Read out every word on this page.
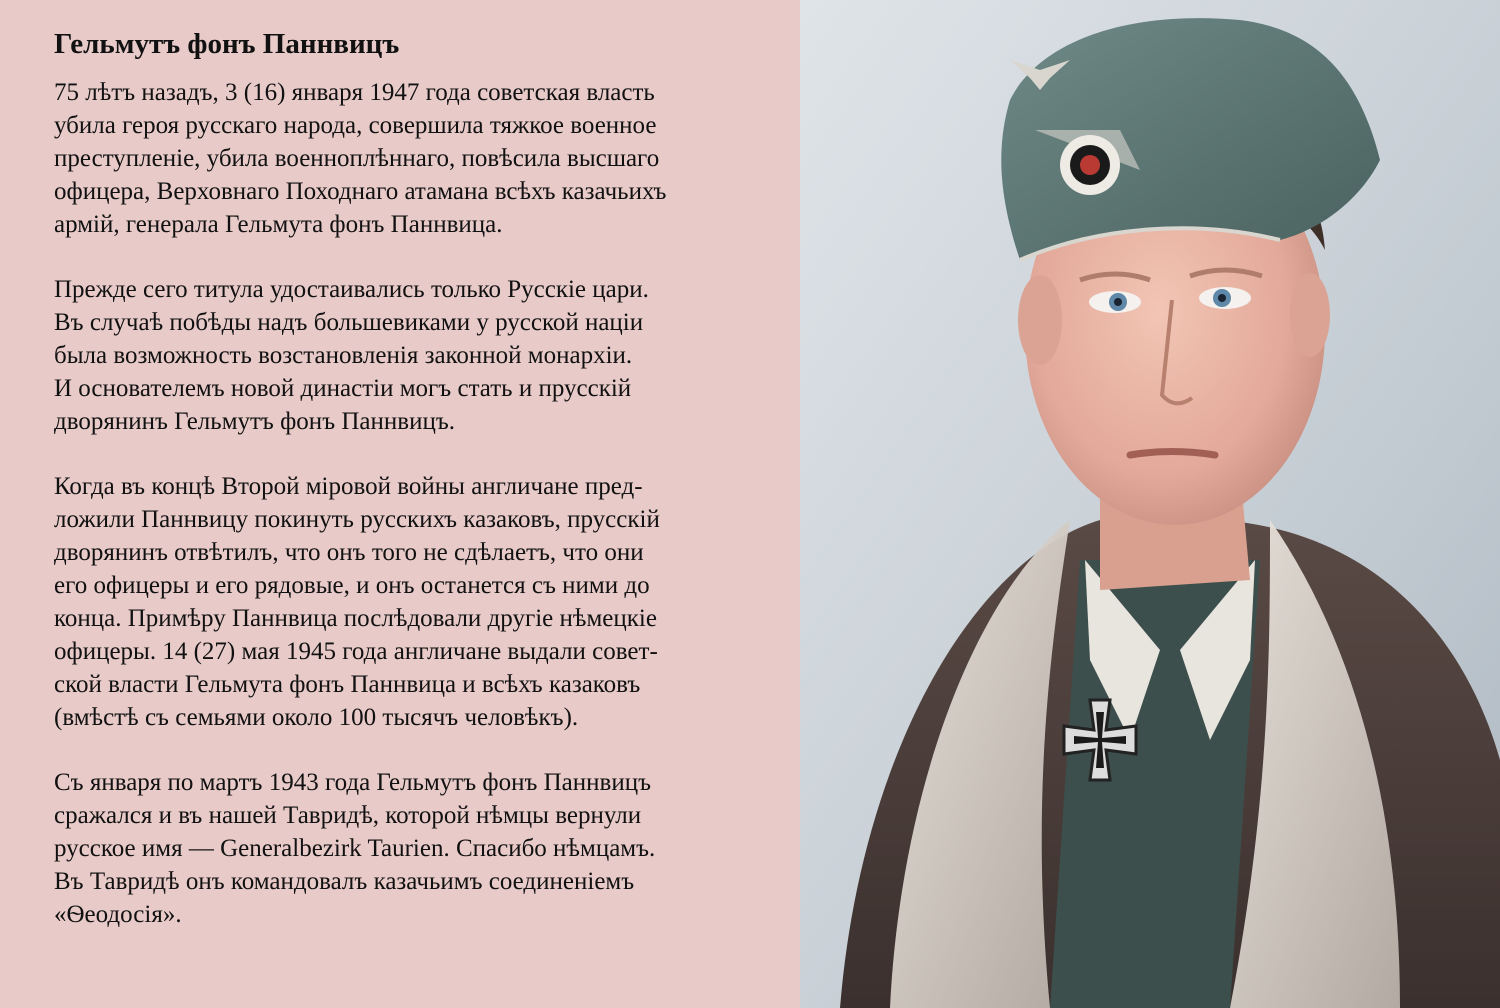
Гельмутъ фонъ Паннвицъ
75 лѣтъ назадъ, 3 (16) января 1947 года советская власть
убила героя русскаго народа, совершила тяжкое военное
преступленіе, убила военноплѣннаго, повѣсила высшаго
офицера, Верховнаго Походнаго атамана всѣхъ казачьихъ
армій, генерала Гельмута фонъ Паннвица.
Прежде сего титула удостаивались только Русскіе цари.
Въ случаѣ побѣды надъ большевиками у русской націи
была возможность возстановленія законной монархіи.
И основателемъ новой династіи могъ стать и прусскій
дворянинъ Гельмутъ фонъ Паннвицъ.
Когда въ концѣ Второй міровой войны англичане пред-
ложили Паннвицу покинуть русскихъ казаковъ, прусскій
дворянинъ отвѣтилъ, что онъ того не сдѣлаетъ, что они
его офицеры и его рядовые, и онъ останется съ ними до
конца. Примѣру Паннвица послѣдовали другіе нѣмецкіе
офицеры. 14 (27) мая 1945 года англичане выдали совет-
ской власти Гельмута фонъ Паннвица и всѣхъ казаковъ
(вмѣстѣ съ семьями около 100 тысячъ человѣкъ).
Съ января по мартъ 1943 года Гельмутъ фонъ Паннвицъ
сражался и въ нашей Тавридѣ, которой нѣмцы вернули
русское имя — Generalbezirk Taurien. Спасибо нѣмцамъ.
Въ Тавридѣ онъ командовалъ казачьимъ соединеніемъ
«Ѳеодосія».
